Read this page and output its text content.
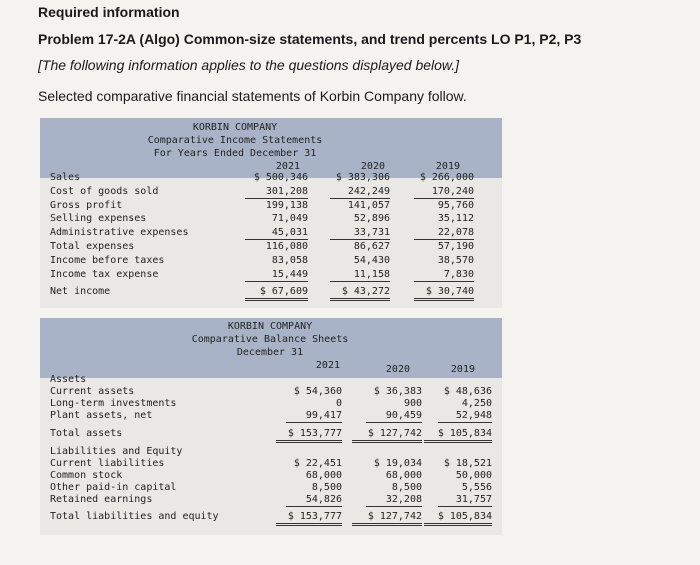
Required information
Problem 17-2A (Algo) Common-size statements, and trend percents LO P1, P2, P3
[The following information applies to the questions displayed below.]
Selected comparative financial statements of Korbin Company follow.
KORBIN COMPANY
Comparative Income Statements
For Years Ended December 31
2021	2020	2019
Sales	$ 500,346	$ 383,306	$ 266,000
Cost of goods sold	301,208	242,249	170,240
Gross profit	199,138	141,057	95,760
Selling expenses	71,049	52,896	35,112
Administrative expenses	45,031	33,731	22,078
Total expenses	116,080	86,627	57,190
Income before taxes	83,058	54,430	38,570
Income tax expense	15,449	11,158	7,830
Net income	$ 67,609	$ 43,272	$ 30,740
KORBIN COMPANY
Comparative Balance Sheets
December 31
2021	2020	2019
Assets
Current assets	$ 54,360	$ 36,383	$ 48,636
Long-term investments	0	900	4,250
Plant assets, net	99,417	90,459	52,948
Total assets	$ 153,777	$ 127,742	$ 105,834
Liabilities and Equity
Current liabilities	$ 22,451	$ 19,034	$ 18,521
Common stock	68,000	68,000	50,000
Other paid-in capital	8,500	8,500	5,556
Retained earnings	54,826	32,208	31,757
Total liabilities and equity	$ 153,777	$ 127,742	$ 105,834
